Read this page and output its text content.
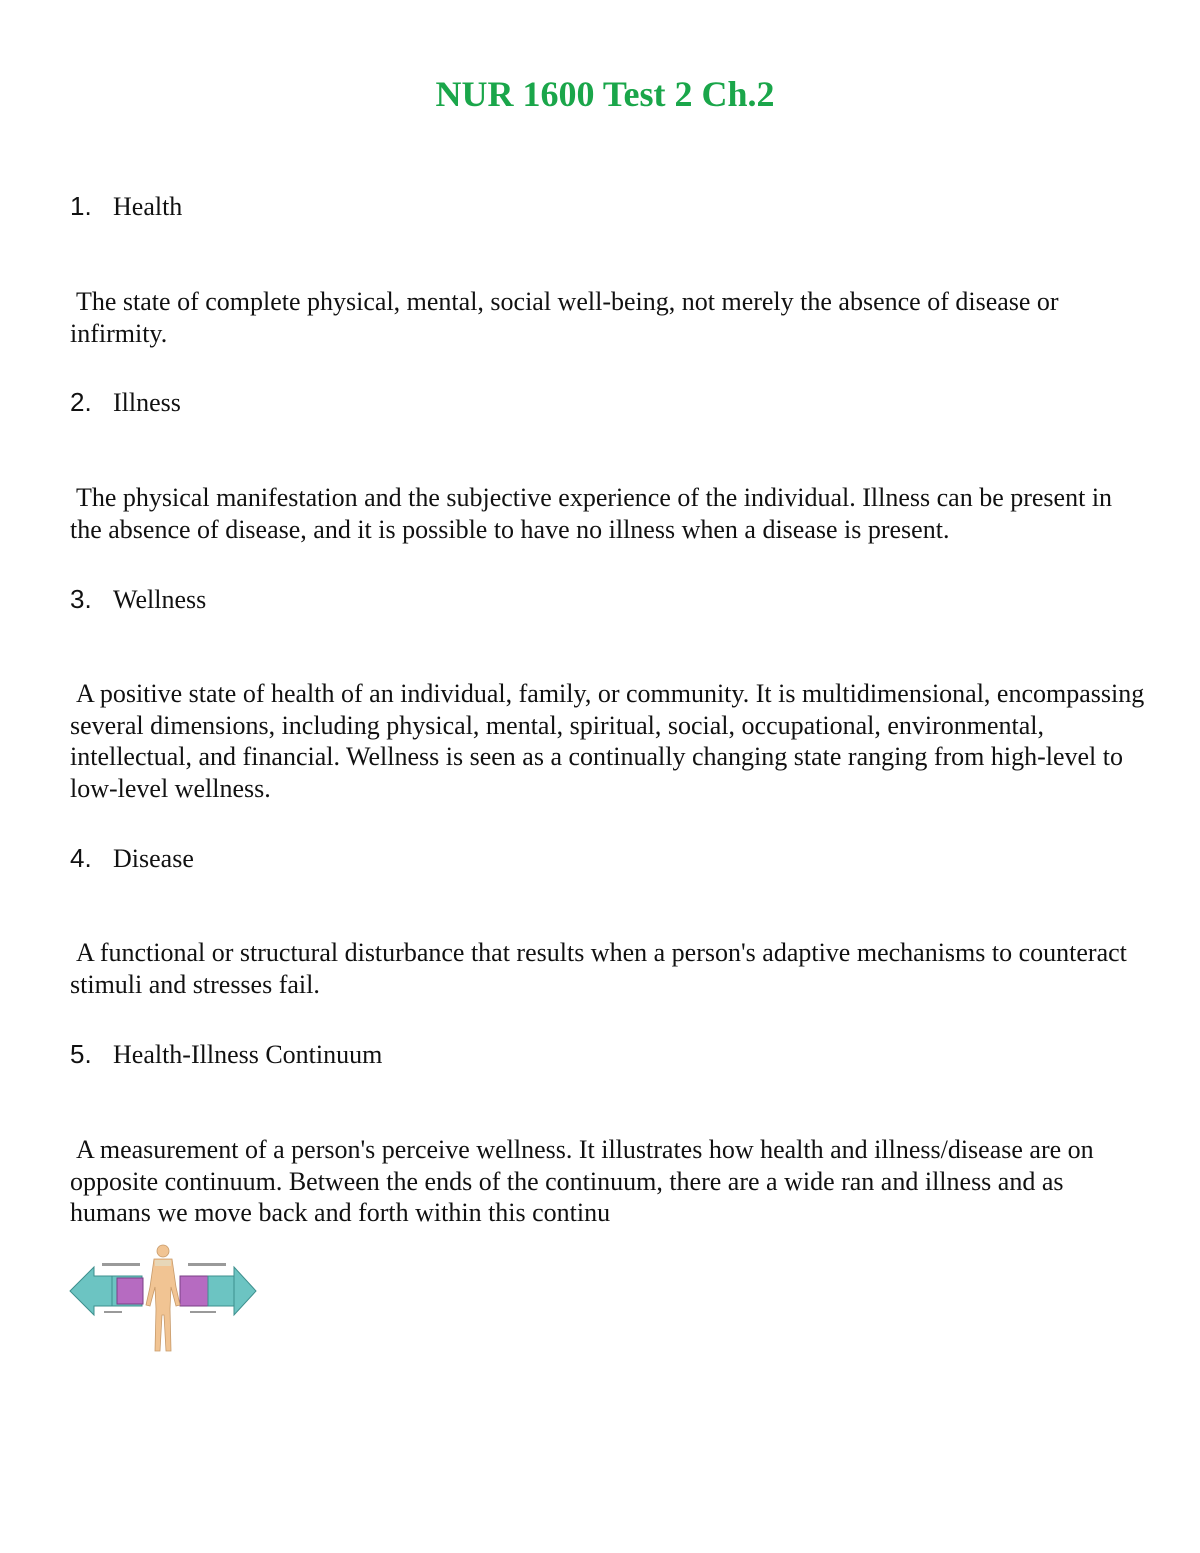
NUR 1600 Test 2 Ch.2
1. Health

The state of complete physical, mental, social well-being, not merely the absence of disease or infirmity.

2. Illness

The physical manifestation and the subjective experience of the individual. Illness can be present in the absence of disease, and it is possible to have no illness when a disease is present.

3. Wellness

A positive state of health of an individual, family, or community. It is multidimensional, encompassing several dimensions, including physical, mental, spiritual, social, occupational, environmental, intellectual, and financial. Wellness is seen as a continually changing state ranging from high-level to low-level wellness.

4. Disease

A functional or structural disturbance that results when a person's adaptive mechanisms to counteract stimuli and stresses fail.

5. Health-Illness Continuum

A measurement of a person's perceive wellness. It illustrates how health and illness/disease are on opposite continuum. Between the ends of the continuum, there are a wide ran and illness and as humans we move back and forth within this continu
